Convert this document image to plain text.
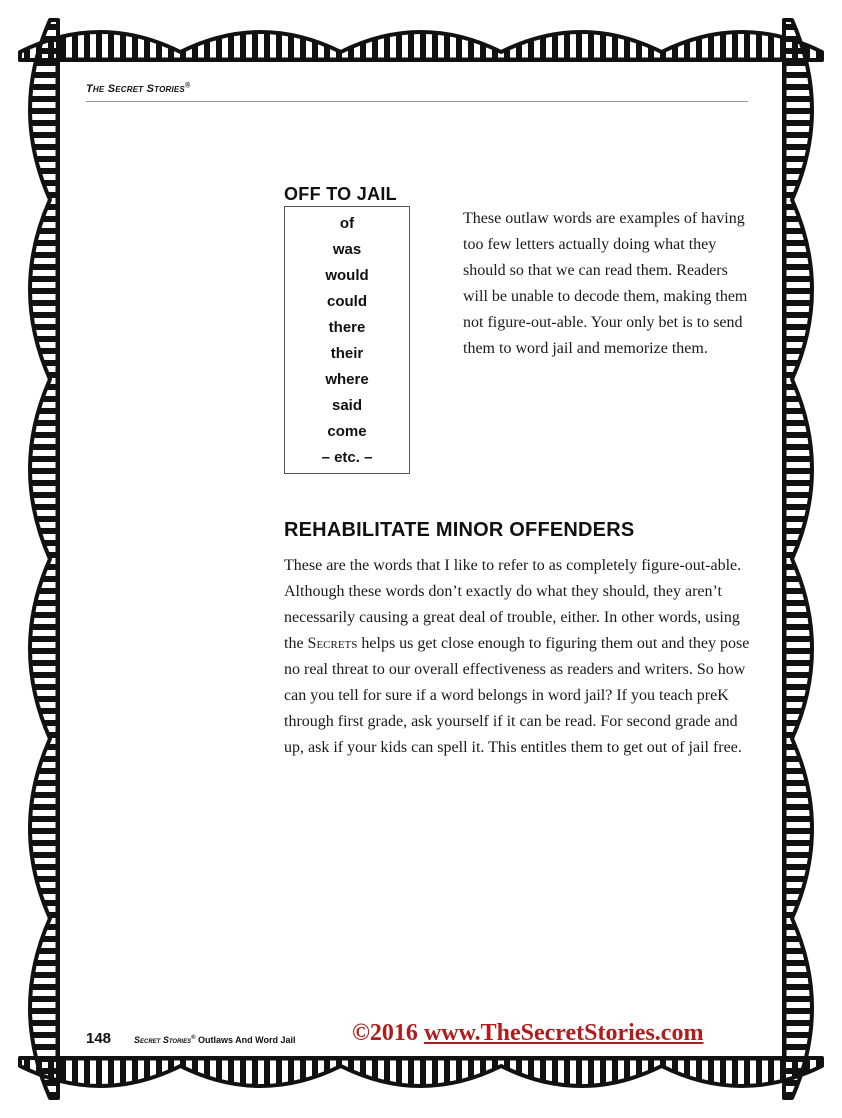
The Secret Stories®
OFF TO JAIL
of
was
would
could
there
their
where
said
come
– etc. –

These outlaw words are examples of having too few letters actually doing what they should so that we can read them. Readers will be unable to decode them, making them not figure-out-able. Your only bet is to send them to word jail and memorize them.

REHABILITATE MINOR OFFENDERS

These are the words that I like to refer to as completely figure-out-able. Although these words don’t exactly do what they should, they aren’t necessarily causing a great deal of trouble, either. In other words, using the Secrets helps us get close enough to figuring them out and they pose no real threat to our overall effectiveness as readers and writers. So how can you tell for sure if a word belongs in word jail? If you teach preK through first grade, ask yourself if it can be read. For second grade and up, ask if your kids can spell it. This entitles them to get out of jail free.

148	Secret Stories® Outlaws And Word Jail ©2016 www.TheSecretStories.com
